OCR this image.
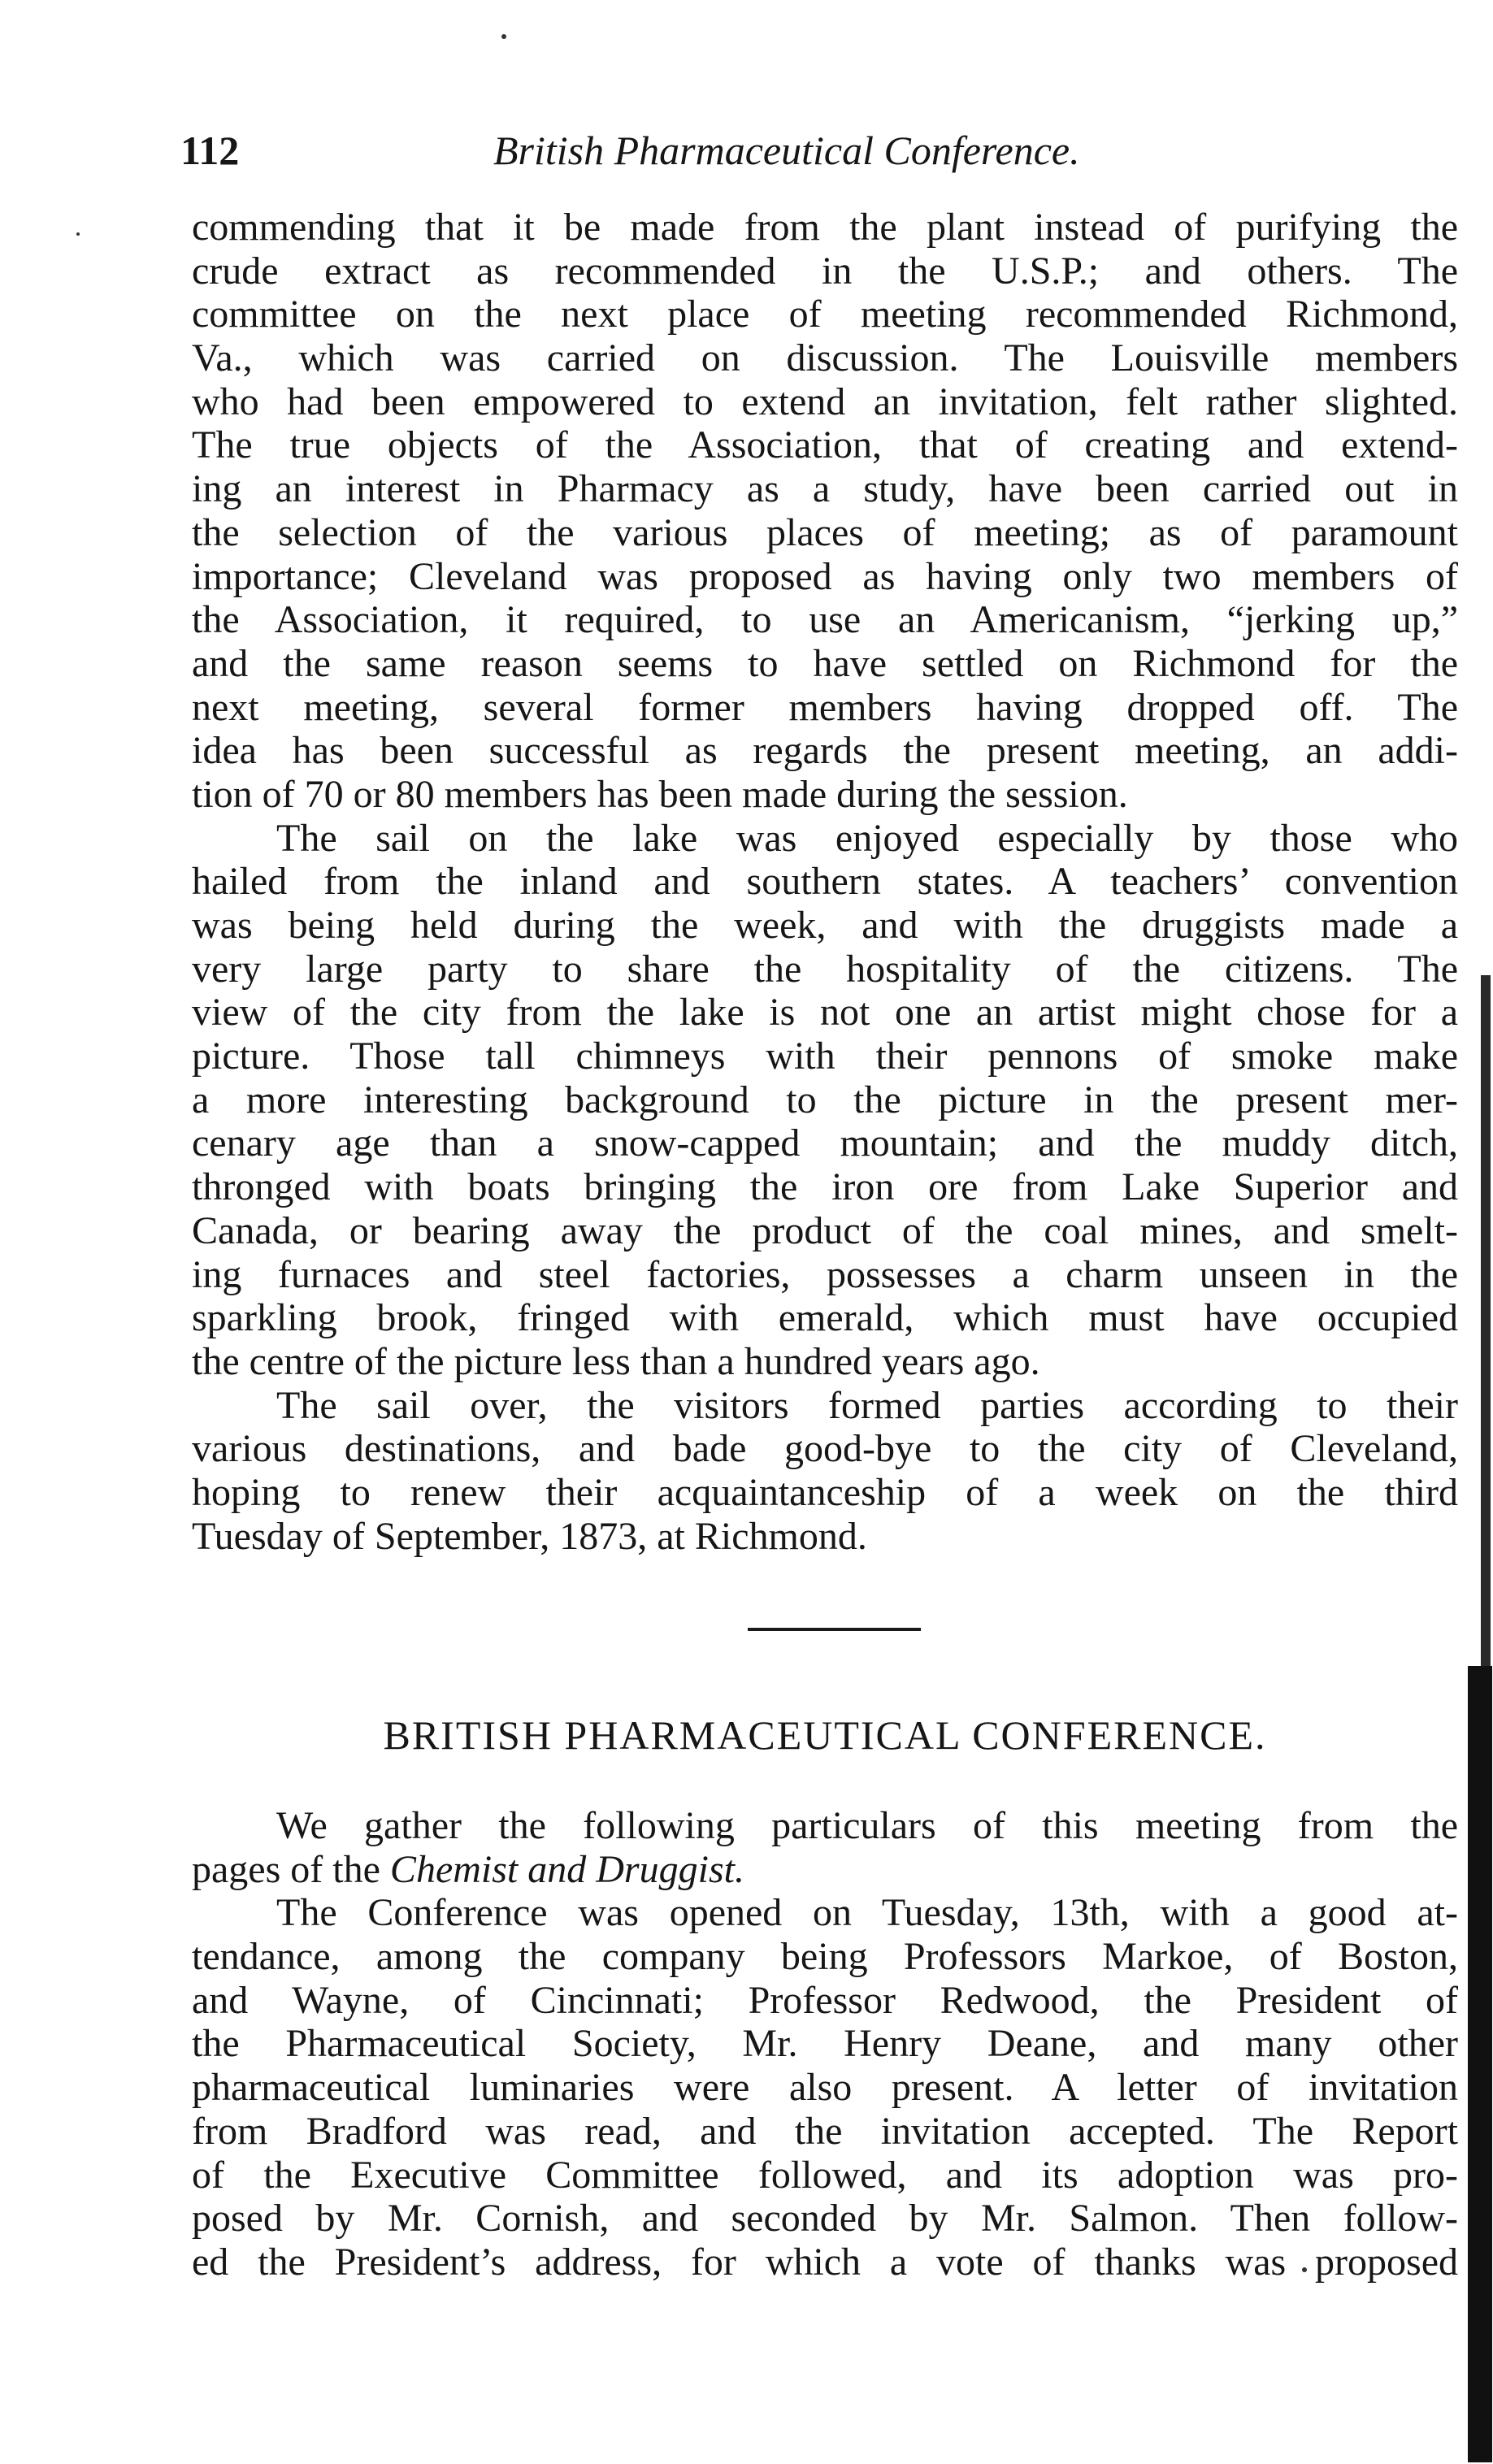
112	British Pharmaceutical Conference.
commending that it be made from the plant instead of purifying the
crude extract as recommended in the U.S.P.; and others. The
committee on the next place of meeting recommended Richmond,
Va., which was carried on discussion. The Louisville members
who had been empowered to extend an invitation, felt rather slighted.
The true objects of the Association, that of creating and extend-
ing an interest in Pharmacy as a study, have been carried out in
the selection of the various places of meeting; as of paramount
importance; Cleveland was proposed as having only two members of
the Association, it required, to use an Americanism, “jerking up,”
and the same reason seems to have settled on Richmond for the
next meeting, several former members having dropped off. The
idea has been successful as regards the present meeting, an addi-
tion of 70 or 80 members has been made during the session.
The sail on the lake was enjoyed especially by those who
hailed from the inland and southern states. A teachers’ convention
was being held during the week, and with the druggists made a
very large party to share the hospitality of the citizens. The
view of the city from the lake is not one an artist might chose for a
picture. Those tall chimneys with their pennons of smoke make
a more interesting background to the picture in the present mer-
cenary age than a snow-capped mountain; and the muddy ditch,
thronged with boats bringing the iron ore from Lake Superior and
Canada, or bearing away the product of the coal mines, and smelt-
ing furnaces and steel factories, possesses a charm unseen in the
sparkling brook, fringed with emerald, which must have occupied
the centre of the picture less than a hundred years ago.
The sail over, the visitors formed parties according to their
various destinations, and bade good-bye to the city of Cleveland,
hoping to renew their acquaintanceship of a week on the third
Tuesday of September, 1873, at Richmond.
BRITISH PHARMACEUTICAL CONFERENCE.
We gather the following particulars of this meeting from the
pages of the Chemist and Druggist.
The Conference was opened on Tuesday, 13th, with a good at-
tendance, among the company being Professors Markoe, of Boston,
and Wayne, of Cincinnati; Professor Redwood, the President of
the Pharmaceutical Society, Mr. Henry Deane, and many other
pharmaceutical luminaries were also present. A letter of invitation
from Bradford was read, and the invitation accepted. The Report
of the Executive Committee followed, and its adoption was pro-
posed by Mr. Cornish, and seconded by Mr. Salmon. Then follow-
ed the President’s address, for which a vote of thanks was proposed
